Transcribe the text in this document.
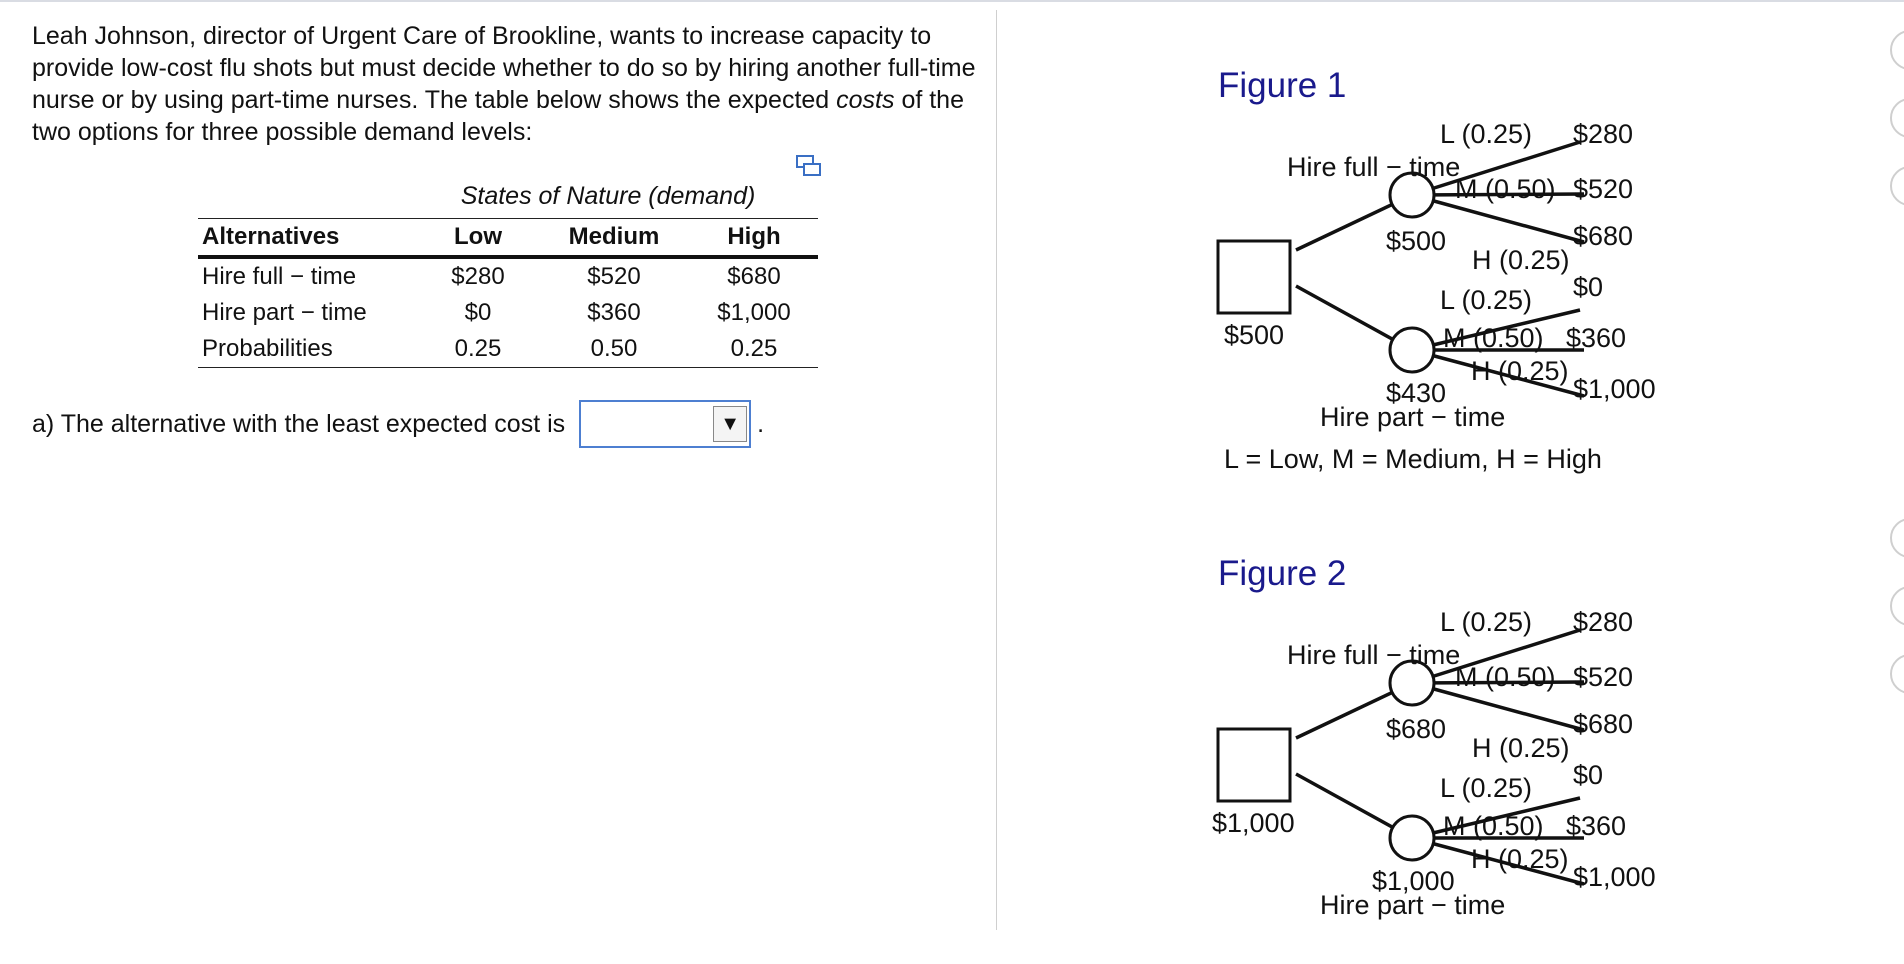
Leah Johnson, director of Urgent Care of Brookline, wants to increase capacity to provide low-cost flu shots but must decide whether to do so by hiring another full-time nurse or by using part-time nurses. The table below shows the expected costs of the two options for three possible demand levels:

States of Nature (demand)
Alternatives	Low	Medium	High
Hire full − time	$280	$520	$680
Hire part − time	$0	$360	$1,000
Probabilities	0.25	0.50	0.25
a) The alternative with the least expected cost is	▼ .
Figure 1
$500
Hire full − time
$500
L (0.25)
M (0.50)
H (0.25)
$280
$520
$680
L (0.25)
M (0.50)
H (0.25)
$0
$360
$1,000
$430
Hire part − time
L = Low, M = Medium, H = High
Figure 2
$1,000
Hire full − time
$680
L (0.25)
M (0.50)
H (0.25)
$280
$520
$680
L (0.25)
M (0.50)
H (0.25)
$0
$360
$1,000
$1,000
Hire part − time
